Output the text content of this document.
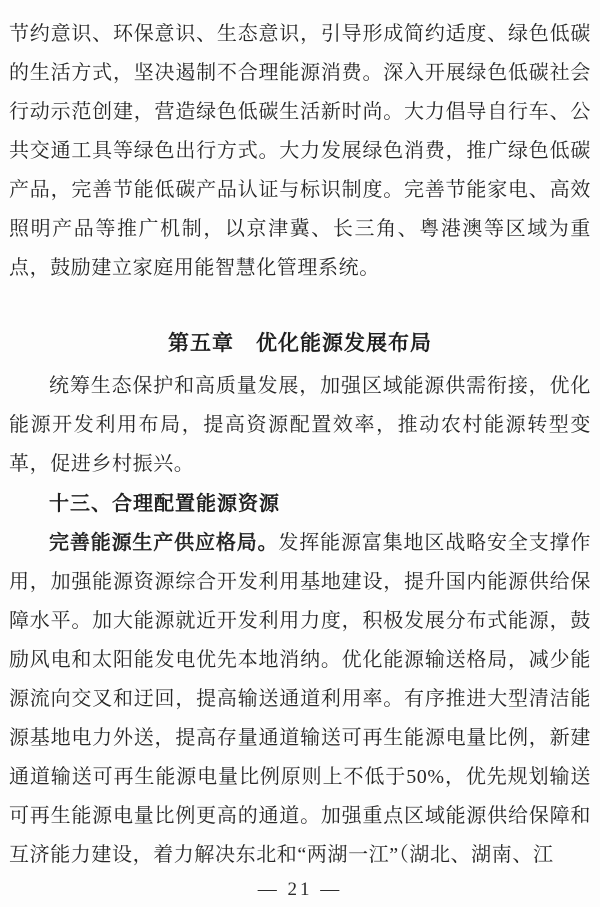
节约意识、环保意识、生态意识，引导形成简约适度、绿色低碳的生活方式，坚决遏制不合理能源消费。深入开展绿色低碳社会行动示范创建，营造绿色低碳生活新时尚。大力倡导自行车、公共交通工具等绿色出行方式。大力发展绿色消费，推广绿色低碳产品，完善节能低碳产品认证与标识制度。完善节能家电、高效照明产品等推广机制，以京津冀、长三角、粤港澳等区域为重点，鼓励建立家庭用能智慧化管理系统。

第五章　优化能源发展布局

统筹生态保护和高质量发展，加强区域能源供需衔接，优化能源开发利用布局，提高资源配置效率，推动农村能源转型变革，促进乡村振兴。

十三、合理配置能源资源

完善能源生产供应格局。发挥能源富集地区战略安全支撑作用，加强能源资源综合开发利用基地建设，提升国内能源供给保障水平。加大能源就近开发利用力度，积极发展分布式能源，鼓励风电和太阳能发电优先本地消纳。优化能源输送格局，减少能源流向交叉和迂回，提高输送通道利用率。有序推进大型清洁能源基地电力外送，提高存量通道输送可再生能源电量比例，新建通道输送可再生能源电量比例原则上不低于50%，优先规划输送可再生能源电量比例更高的通道。加强重点区域能源供给保障和互济能力建设，着力解决东北和“两湖一江”（湖北、湖南、江

— 21 —
